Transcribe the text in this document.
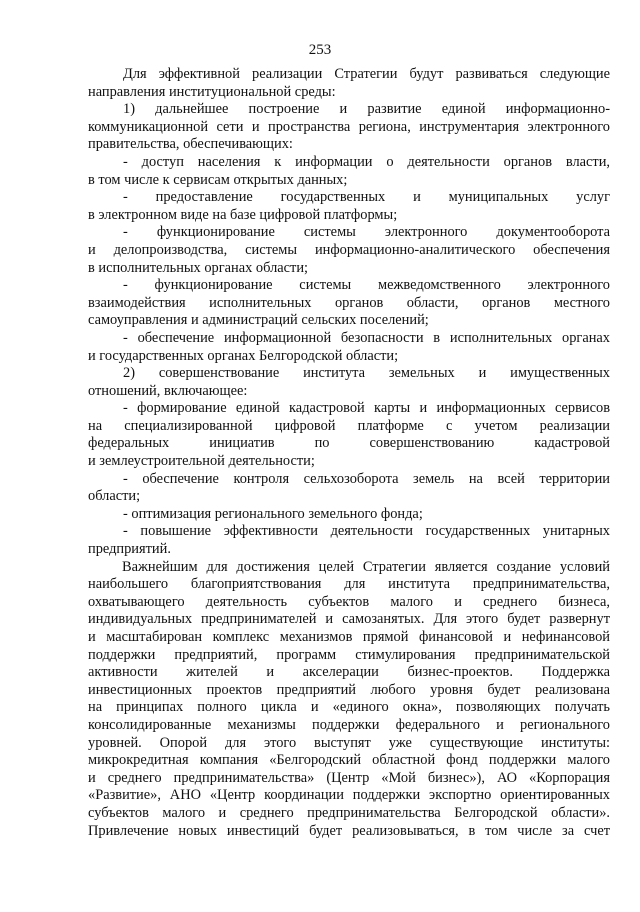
253
Для эффективной реализации Стратегии будут развиваться следующие
направления институциональной среды:
1) дальнейшее построение и развитие единой информационно-
коммуникационной сети и пространства региона, инструментария электронного
правительства, обеспечивающих:
- доступ населения к информации о деятельности органов власти,
в том числе к сервисам открытых данных;
- предоставление государственных и муниципальных услуг
в электронном виде на базе цифровой платформы;
- функционирование системы электронного документооборота
и делопроизводства, системы информационно-аналитического обеспечения
в исполнительных органах области;
- функционирование системы межведомственного электронного
взаимодействия исполнительных органов области, органов местного
самоуправления и администраций сельских поселений;
- обеспечение информационной безопасности в исполнительных органах
и государственных органах Белгородской области;
2) совершенствование института земельных и имущественных
отношений, включающее:
- формирование единой кадастровой карты и информационных сервисов
на специализированной цифровой платформе с учетом реализации
федеральных инициатив по совершенствованию кадастровой
и землеустроительной деятельности;
- обеспечение контроля сельхозоборота земель на всей территории
области;
- оптимизация регионального земельного фонда;
- повышение эффективности деятельности государственных унитарных
предприятий.
Важнейшим для достижения целей Стратегии является создание условий
наибольшего благоприятствования для института предпринимательства,
охватывающего деятельность субъектов малого и среднего бизнеса,
индивидуальных предпринимателей и самозанятых. Для этого будет развернут
и масштабирован комплекс механизмов прямой финансовой и нефинансовой
поддержки предприятий, программ стимулирования предпринимательской
активности жителей и акселерации бизнес-проектов. Поддержка
инвестиционных проектов предприятий любого уровня будет реализована
на принципах полного цикла и «единого окна», позволяющих получать
консолидированные механизмы поддержки федерального и регионального
уровней. Опорой для этого выступят уже существующие институты:
микрокредитная компания «Белгородский областной фонд поддержки малого
и среднего предпринимательства» (Центр «Мой бизнес»), АО «Корпорация
«Развитие», АНО «Центр координации поддержки экспортно ориентированных
субъектов малого и среднего предпринимательства Белгородской области».
Привлечение новых инвестиций будет реализовываться, в том числе за счет
